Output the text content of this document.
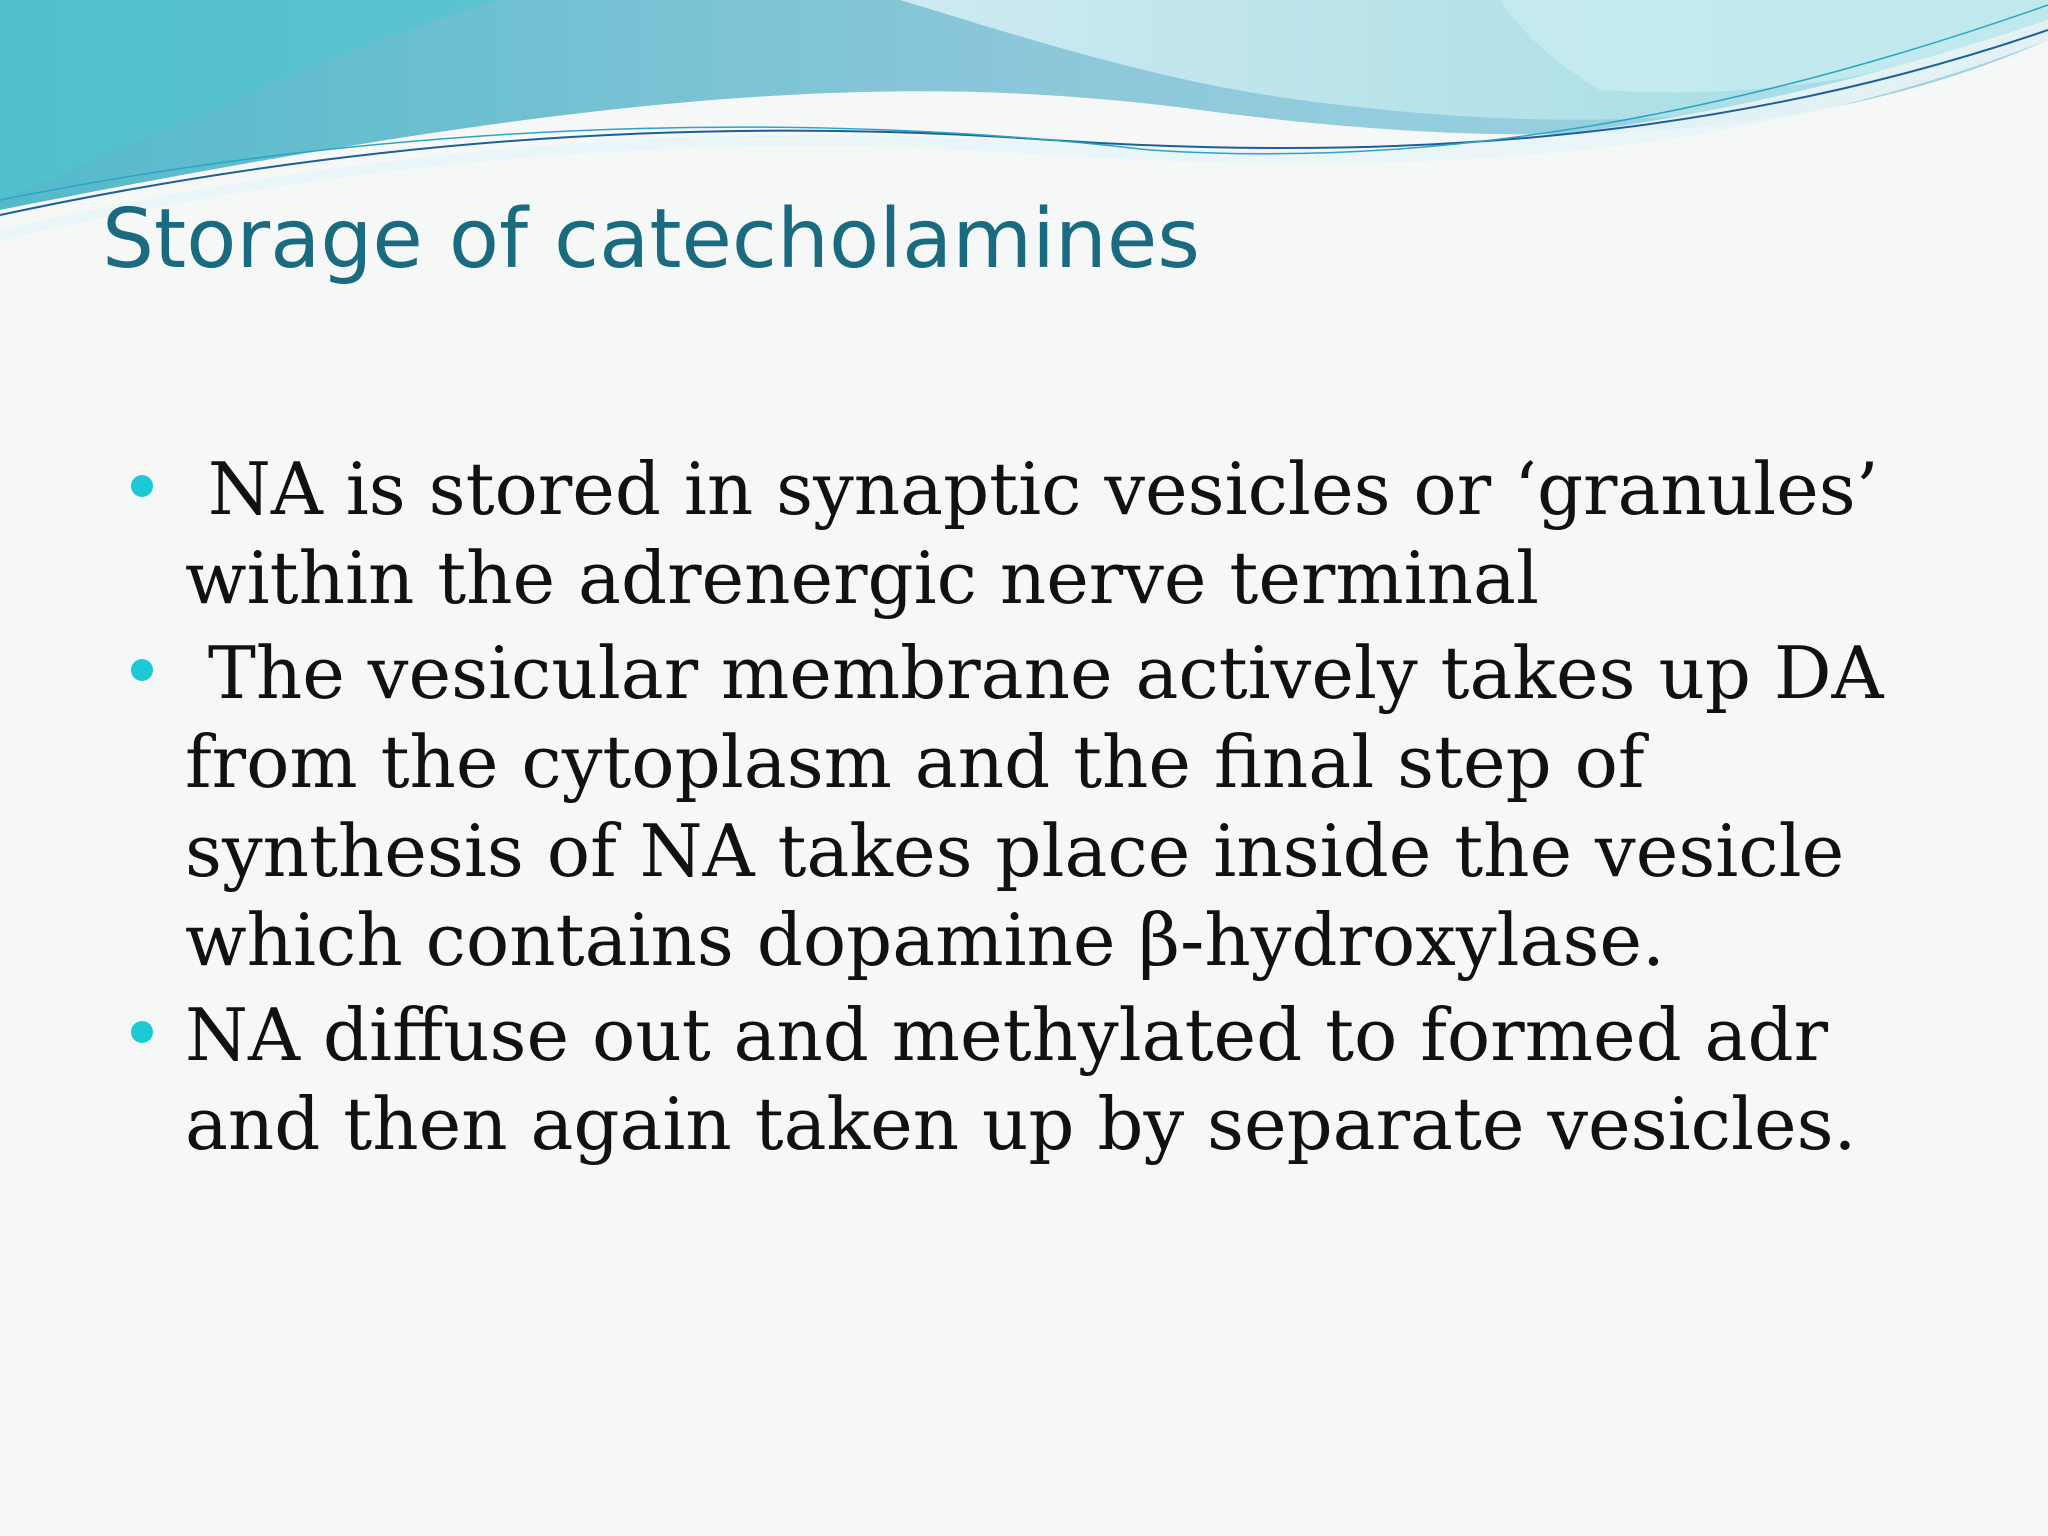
Storage of catecholamines
NA is stored in synaptic vesicles or ‘granules’ within the adrenergic nerve terminal
The vesicular membrane actively takes up DA from the cytoplasm and the final step of synthesis of NA takes place inside the vesicle which contains dopamine β-hydroxylase.
NA diffuse out and methylated to formed adr and then again taken up by separate vesicles.
